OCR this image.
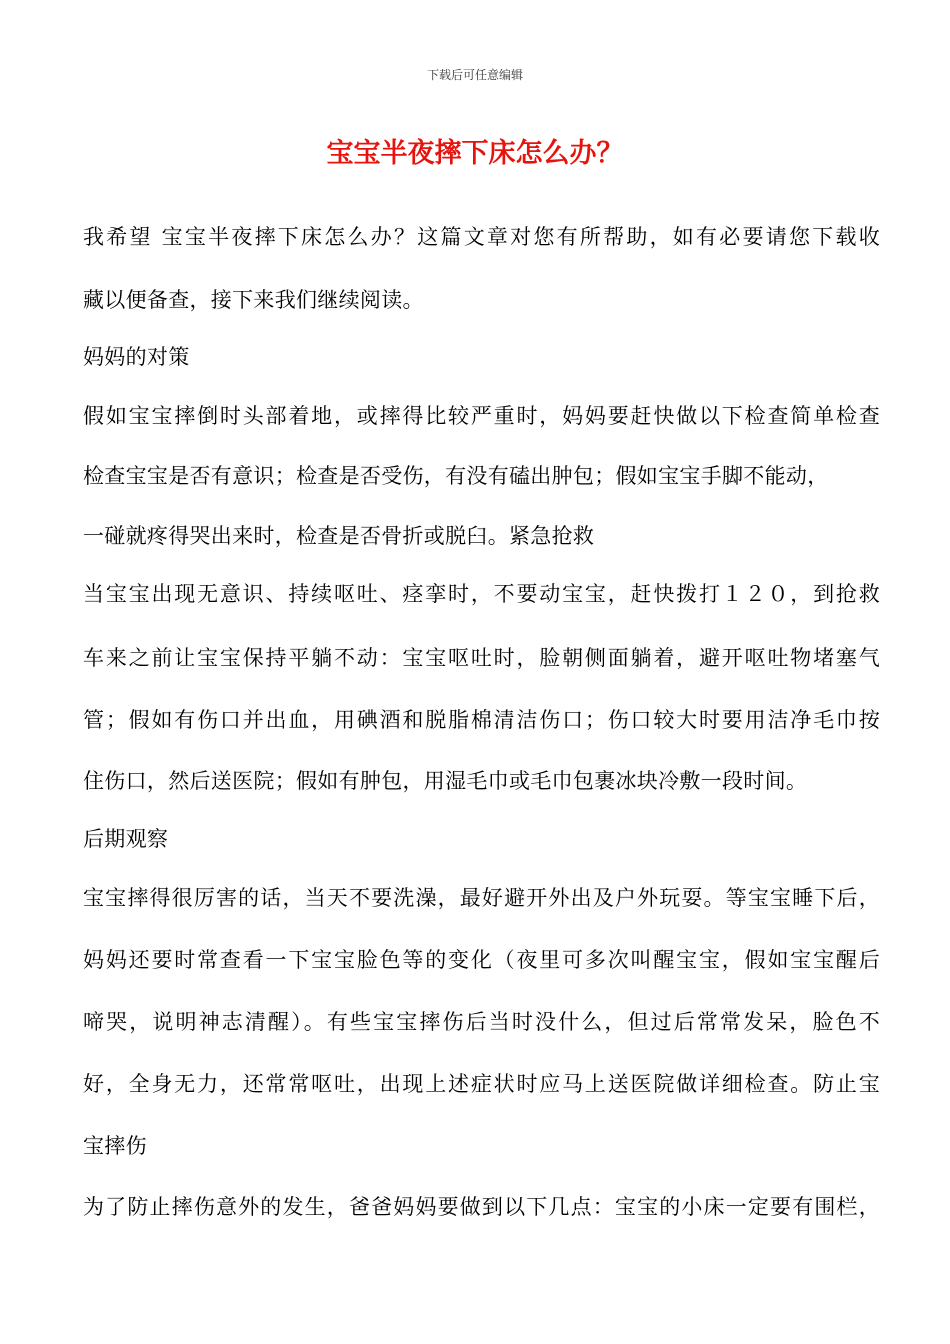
下载后可任意编辑
宝宝半夜摔下床怎么办？
我希望 宝宝半夜摔下床怎么办？这篇文章对您有所帮助，如有必要请您下载收
藏以便备查，接下来我们继续阅读。
妈妈的对策
假如宝宝摔倒时头部着地，或摔得比较严重时，妈妈要赶快做以下检查简单检查
检查宝宝是否有意识；检查是否受伤，有没有磕出肿包；假如宝宝手脚不能动，
一碰就疼得哭出来时，检查是否骨折或脱臼。紧急抢救
当宝宝出现无意识、持续呕吐、痉挛时，不要动宝宝，赶快拨打１２０，到抢救
车来之前让宝宝保持平躺不动：宝宝呕吐时，脸朝侧面躺着，避开呕吐物堵塞气
管；假如有伤口并出血，用碘酒和脱脂棉清洁伤口；伤口较大时要用洁净毛巾按
住伤口，然后送医院；假如有肿包，用湿毛巾或毛巾包裹冰块冷敷一段时间。
后期观察
宝宝摔得很厉害的话，当天不要洗澡，最好避开外出及户外玩耍。等宝宝睡下后，
妈妈还要时常查看一下宝宝脸色等的变化（夜里可多次叫醒宝宝，假如宝宝醒后
啼哭，说明神志清醒）。有些宝宝摔伤后当时没什么，但过后常常发呆，脸色不
好，全身无力，还常常呕吐，出现上述症状时应马上送医院做详细检查。防止宝
宝摔伤
为了防止摔伤意外的发生，爸爸妈妈要做到以下几点：宝宝的小床一定要有围栏，
